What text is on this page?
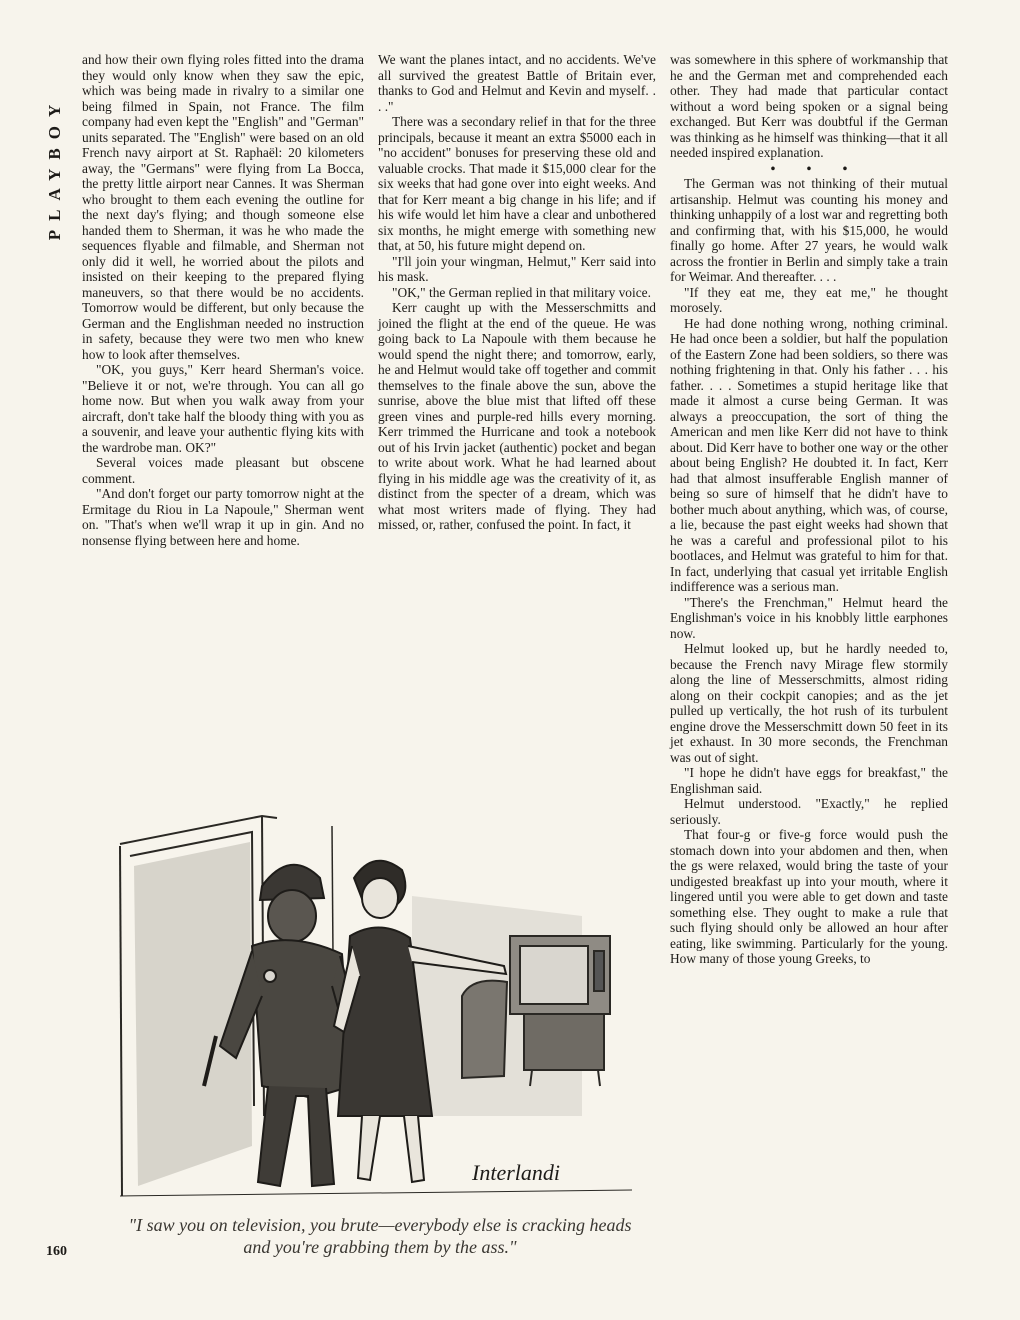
PLAYBOY

and how their own flying roles fitted into the drama they would only know when they saw the epic, which was being made in rivalry to a similar one being filmed in Spain, not France. The film company had even kept the "English" and "German" units separated. The "English" were based on an old French navy airport at St. Raphaël: 20 kilometers away, the "Germans" were flying from La Bocca, the pretty little airport near Cannes. It was Sherman who brought to them each evening the outline for the next day's flying; and though someone else handed them to Sherman, it was he who made the sequences flyable and filmable, and Sherman not only did it well, he worried about the pilots and insisted on their keeping to the prepared flying maneuvers, so that there would be no accidents. Tomorrow would be different, but only because the German and the Englishman needed no instruction in safety, because they were two men who knew how to look after themselves.

"OK, you guys," Kerr heard Sherman's voice. "Believe it or not, we're through. You can all go home now. But when you walk away from your aircraft, don't take half the bloody thing with you as a souvenir, and leave your authentic flying kits with the wardrobe man. OK?"

Several voices made pleasant but obscene comment.

"And don't forget our party tomorrow night at the Ermitage du Riou in La Napoule," Sherman went on. "That's when we'll wrap it up in gin. And no nonsense flying between here and home.

We want the planes intact, and no accidents. We've all survived the greatest Battle of Britain ever, thanks to God and Helmut and Kevin and myself. . . ."

There was a secondary relief in that for the three principals, because it meant an extra $5000 each in "no accident" bonuses for preserving these old and valuable crocks. That made it $15,000 clear for the six weeks that had gone over into eight weeks. And that for Kerr meant a big change in his life; and if his wife would let him have a clear and unbothered six months, he might emerge with something new that, at 50, his future might depend on.

"I'll join your wingman, Helmut," Kerr said into his mask.

"OK," the German replied in that military voice.

Kerr caught up with the Messerschmitts and joined the flight at the end of the queue. He was going back to La Napoule with them because he would spend the night there; and tomorrow, early, he and Helmut would take off together and commit themselves to the finale above the sun, above the sunrise, above the blue mist that lifted off these green vines and purple-red hills every morning. Kerr trimmed the Hurricane and took a notebook out of his Irvin jacket (authentic) pocket and began to write about work. What he had learned about flying in his middle age was the creativity of it, as distinct from the specter of a dream, which was what most writers made of flying. They had missed, or, rather, confused the point. In fact, it

was somewhere in this sphere of workmanship that he and the German met and comprehended each other. They had made that particular contact without a word being spoken or a signal being exchanged. But Kerr was doubtful if the German was thinking as he himself was thinking—that it all needed inspired explanation.

• • •

The German was not thinking of their mutual artisanship. Helmut was counting his money and thinking unhappily of a lost war and regretting both and confirming that, with his $15,000, he would finally go home. After 27 years, he would walk across the frontier in Berlin and simply take a train for Weimar. And thereafter. . . .

"If they eat me, they eat me," he thought morosely.

He had done nothing wrong, nothing criminal. He had once been a soldier, but half the population of the Eastern Zone had been soldiers, so there was nothing frightening in that. Only his father . . . his father. . . . Sometimes a stupid heritage like that made it almost a curse being German. It was always a preoccupation, the sort of thing the American and men like Kerr did not have to think about. Did Kerr have to bother one way or the other about being English? He doubted it. In fact, Kerr had that almost insufferable English manner of being so sure of himself that he didn't have to bother much about anything, which was, of course, a lie, because the past eight weeks had shown that he was a careful and professional pilot to his bootlaces, and Helmut was grateful to him for that. In fact, underlying that casual yet irritable English indifference was a serious man.

"There's the Frenchman," Helmut heard the Englishman's voice in his knobbly little earphones now.

Helmut looked up, but he hardly needed to, because the French navy Mirage flew stormily along the line of Messerschmitts, almost riding along on their cockpit canopies; and as the jet pulled up vertically, the hot rush of its turbulent engine drove the Messerschmitt down 50 feet in its jet exhaust. In 30 more seconds, the Frenchman was out of sight.

"I hope he didn't have eggs for breakfast," the Englishman said.

Helmut understood. "Exactly," he replied seriously.

That four-g or five-g force would push the stomach down into your abdomen and then, when the gs were relaxed, would bring the taste of your undigested breakfast up into your mouth, where it lingered until you were able to get down and taste something else. They ought to make a rule that such flying should only be allowed an hour after eating, like swimming. Particularly for the young. How many of those young Greeks, to

Interlandi
"I saw you on television, you brute—everybody else is cracking heads and you're grabbing them by the ass."
160
